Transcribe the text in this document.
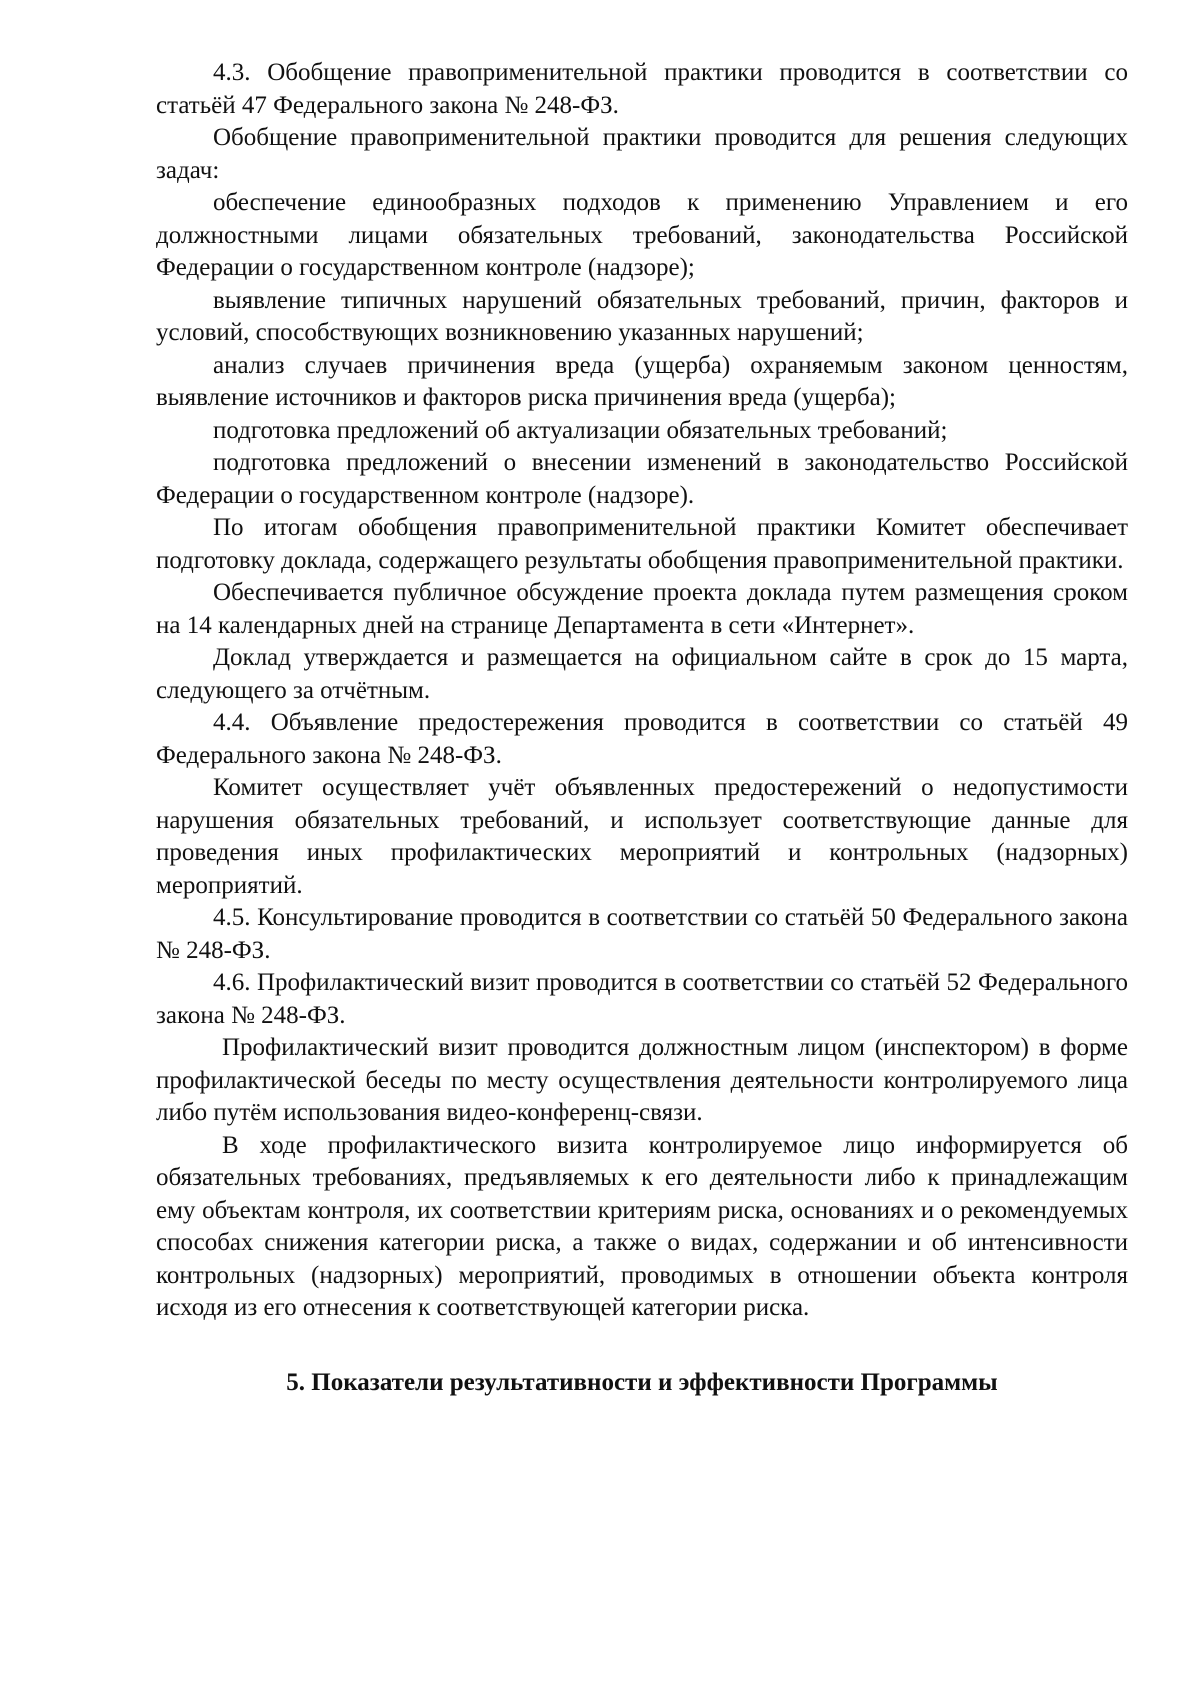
4.3. Обобщение правоприменительной практики проводится в соответствии со статьёй 47 Федерального закона № 248-ФЗ.

Обобщение правоприменительной практики проводится для решения следующих задач:

обеспечение единообразных подходов к применению Управлением и его должностными лицами обязательных требований, законодательства Российской Федерации о государственном контроле (надзоре);

выявление типичных нарушений обязательных требований, причин, факторов и условий, способствующих возникновению указанных нарушений;

анализ случаев причинения вреда (ущерба) охраняемым законом ценностям, выявление источников и факторов риска причинения вреда (ущерба);

подготовка предложений об актуализации обязательных требований;

подготовка предложений о внесении изменений в законодательство Российской Федерации о государственном контроле (надзоре).

По итогам обобщения правоприменительной практики Комитет обеспечивает подготовку доклада, содержащего результаты обобщения правоприменительной практики.

Обеспечивается публичное обсуждение проекта доклада путем размещения сроком на 14 календарных дней на странице Департамента в сети «Интернет».

Доклад утверждается и размещается на официальном сайте в срок до 15 марта, следующего за отчётным.

4.4. Объявление предостережения проводится в соответствии со статьёй 49 Федерального закона № 248-ФЗ.

Комитет осуществляет учёт объявленных предостережений о недопустимости нарушения обязательных требований, и использует соответствующие данные для проведения иных профилактических мероприятий и контрольных (надзорных) мероприятий.

4.5. Консультирование проводится в соответствии со статьёй 50 Федерального закона № 248-ФЗ.

4.6. Профилактический визит проводится в соответствии со статьёй 52 Федерального закона № 248-ФЗ.

Профилактический визит проводится должностным лицом (инспектором) в форме профилактической беседы по месту осуществления деятельности контролируемого лица либо путём использования видео-конференц-связи.

В ходе профилактического визита контролируемое лицо информируется об обязательных требованиях, предъявляемых к его деятельности либо к принадлежащим ему объектам контроля, их соответствии критериям риска, основаниях и о рекомендуемых способах снижения категории риска, а также о видах, содержании и об интенсивности контрольных (надзорных) мероприятий, проводимых в отношении объекта контроля исходя из его отнесения к соответствующей категории риска.

5. Показатели результативности и эффективности Программы
